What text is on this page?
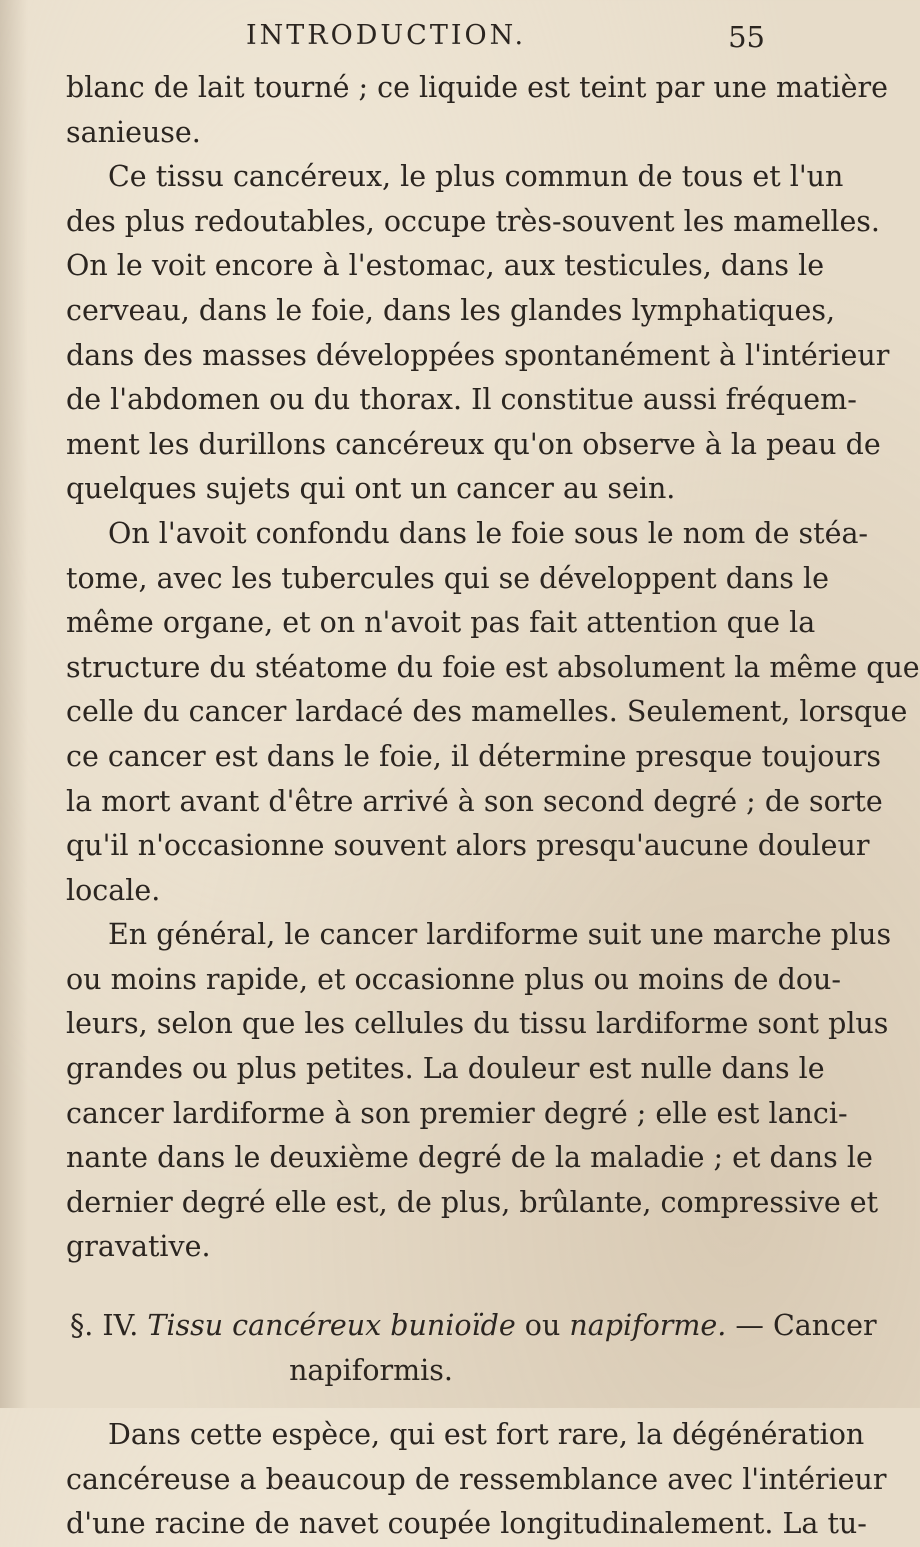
INTRODUCTION.	55
blanc de lait tourné ; ce liquide est teint par une matière
sanieuse.
Ce tissu cancéreux, le plus commun de tous et l'un
des plus redoutables, occupe très-souvent les mamelles.
On le voit encore à l'estomac, aux testicules, dans le
cerveau, dans le foie, dans les glandes lymphatiques,
dans des masses développées spontanément à l'intérieur
de l'abdomen ou du thorax. Il constitue aussi fréquem-
ment les durillons cancéreux qu'on observe à la peau de
quelques sujets qui ont un cancer au sein.
On l'avoit confondu dans le foie sous le nom de stéa-
tome, avec les tubercules qui se développent dans le
même organe, et on n'avoit pas fait attention que la
structure du stéatome du foie est absolument la même que
celle du cancer lardacé des mamelles. Seulement, lorsque
ce cancer est dans le foie, il détermine presque toujours
la mort avant d'être arrivé à son second degré ; de sorte
qu'il n'occasionne souvent alors presqu'aucune douleur
locale.
En général, le cancer lardiforme suit une marche plus
ou moins rapide, et occasionne plus ou moins de dou-
leurs, selon que les cellules du tissu lardiforme sont plus
grandes ou plus petites. La douleur est nulle dans le
cancer lardiforme à son premier degré ; elle est lanci-
nante dans le deuxième degré de la maladie ; et dans le
dernier degré elle est, de plus, brûlante, compressive et
gravative.
§. IV. Tissu cancéreux bunioïde ou napiforme. — Cancer
napiformis.
Dans cette espèce, qui est fort rare, la dégénération
cancéreuse a beaucoup de ressemblance avec l'intérieur
d'une racine de navet coupée longitudinalement. La tu-
